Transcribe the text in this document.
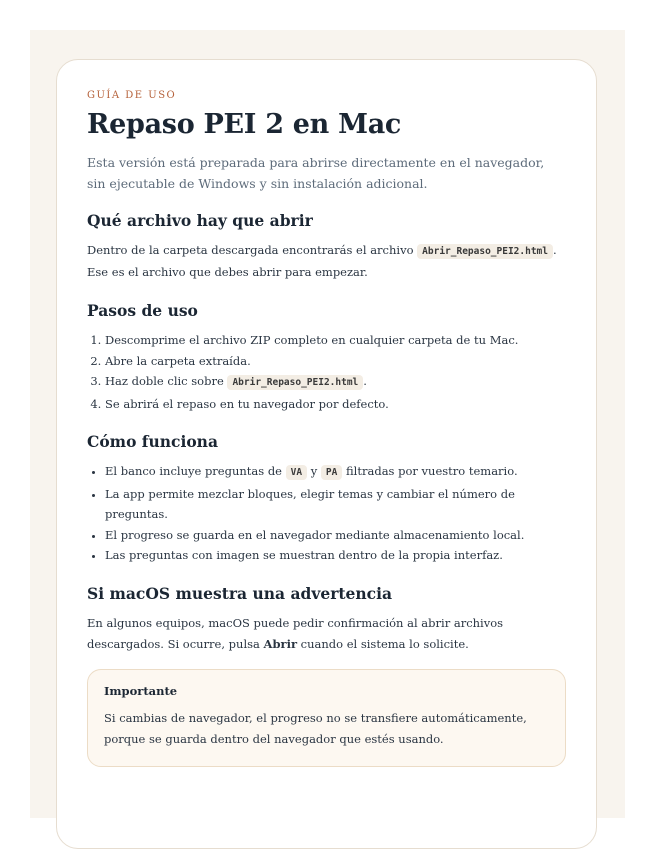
GUÍA DE USO
Repaso PEI 2 en Mac

Esta versión está preparada para abrirse directamente en el navegador, sin ejecutable de Windows y sin instalación adicional.

Qué archivo hay que abrir

Dentro de la carpeta descargada encontrarás el archivo Abrir_Repaso_PEI2.html . Ese es el archivo que debes abrir para empezar.

Pasos de uso
1. Descomprime el archivo ZIP completo en cualquier carpeta de tu Mac.
2. Abre la carpeta extraída.
3. Haz doble clic sobre Abrir_Repaso_PEI2.html .
4. Se abrirá el repaso en tu navegador por defecto.
Cómo funciona
• El banco incluye preguntas de VA y PA filtradas por vuestro temario.
• La app permite mezclar bloques, elegir temas y cambiar el número de preguntas.
• El progreso se guarda en el navegador mediante almacenamiento local.
• Las preguntas con imagen se muestran dentro de la propia interfaz.
Si macOS muestra una advertencia

En algunos equipos, macOS puede pedir confirmación al abrir archivos descargados. Si ocurre, pulsa Abrir cuando el sistema lo solicite.

Importante

Si cambias de navegador, el progreso no se transfiere automáticamente, porque se guarda dentro del navegador que estés usando.
